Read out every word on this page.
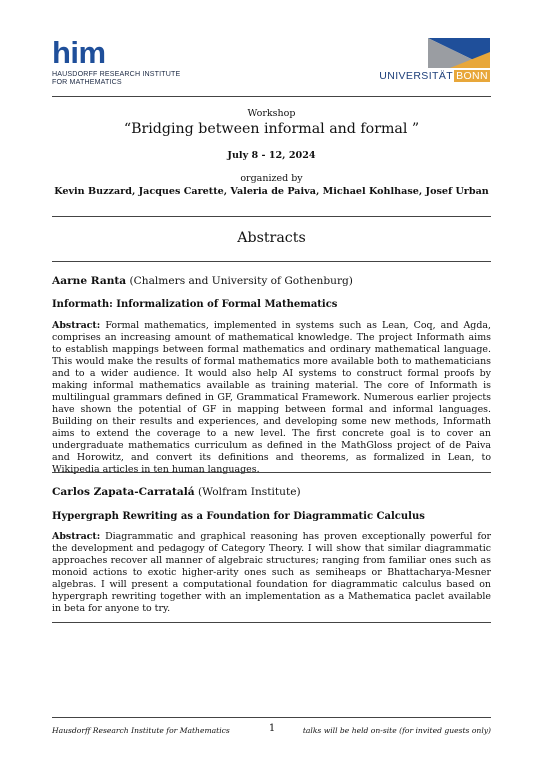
him
HAUSDORFF RESEARCH INSTITUTE
FOR MATHEMATICS	UNIVERSITÄT BONN
Workshop
“Bridging between informal and formal ”
July 8 - 12, 2024
organized by
Kevin Buzzard, Jacques Carette, Valeria de Paiva, Michael Kohlhase, Josef Urban
Abstracts
Aarne Ranta (Chalmers and University of Gothenburg)
Informath: Informalization of Formal Mathematics
Abstract: Formal mathematics, implemented in systems such as Lean, Coq, and Agda, comprises an increasing amount of mathematical knowledge. The project Informath aims to establish mappings between formal mathematics and ordinary mathematical language. This would make the results of formal mathematics more available both to mathematicians and to a wider audience. It would also help AI systems to construct formal proofs by making informal mathematics available as training material. The core of Informath is multilingual grammars defined in GF, Grammatical Framework. Numerous earlier projects have shown the potential of GF in mapping between formal and informal languages. Building on their results and experiences, and developing some new methods, Informath aims to extend the coverage to a new level. The first concrete goal is to cover an undergraduate mathematics curriculum as defined in the MathGloss project of de Paiva and Horowitz, and convert its definitions and theorems, as formalized in Lean, to Wikipedia articles in ten human languages.
Carlos Zapata-Carratalá (Wolfram Institute)
Hypergraph Rewriting as a Foundation for Diagrammatic Calculus
Abstract: Diagrammatic and graphical reasoning has proven exceptionally powerful for the development and pedagogy of Category Theory. I will show that similar diagrammatic approaches recover all manner of algebraic structures; ranging from familiar ones such as monoid actions to exotic higher-arity ones such as semiheaps or Bhattacharya-Mesner algebras. I will present a computational foundation for diagrammatic calculus based on hypergraph rewriting together with an implementation as a Mathematica paclet available in beta for anyone to try.
Hausdorff Research Institute for Mathematics	1	talks will be held on-site (for invited guests only)
